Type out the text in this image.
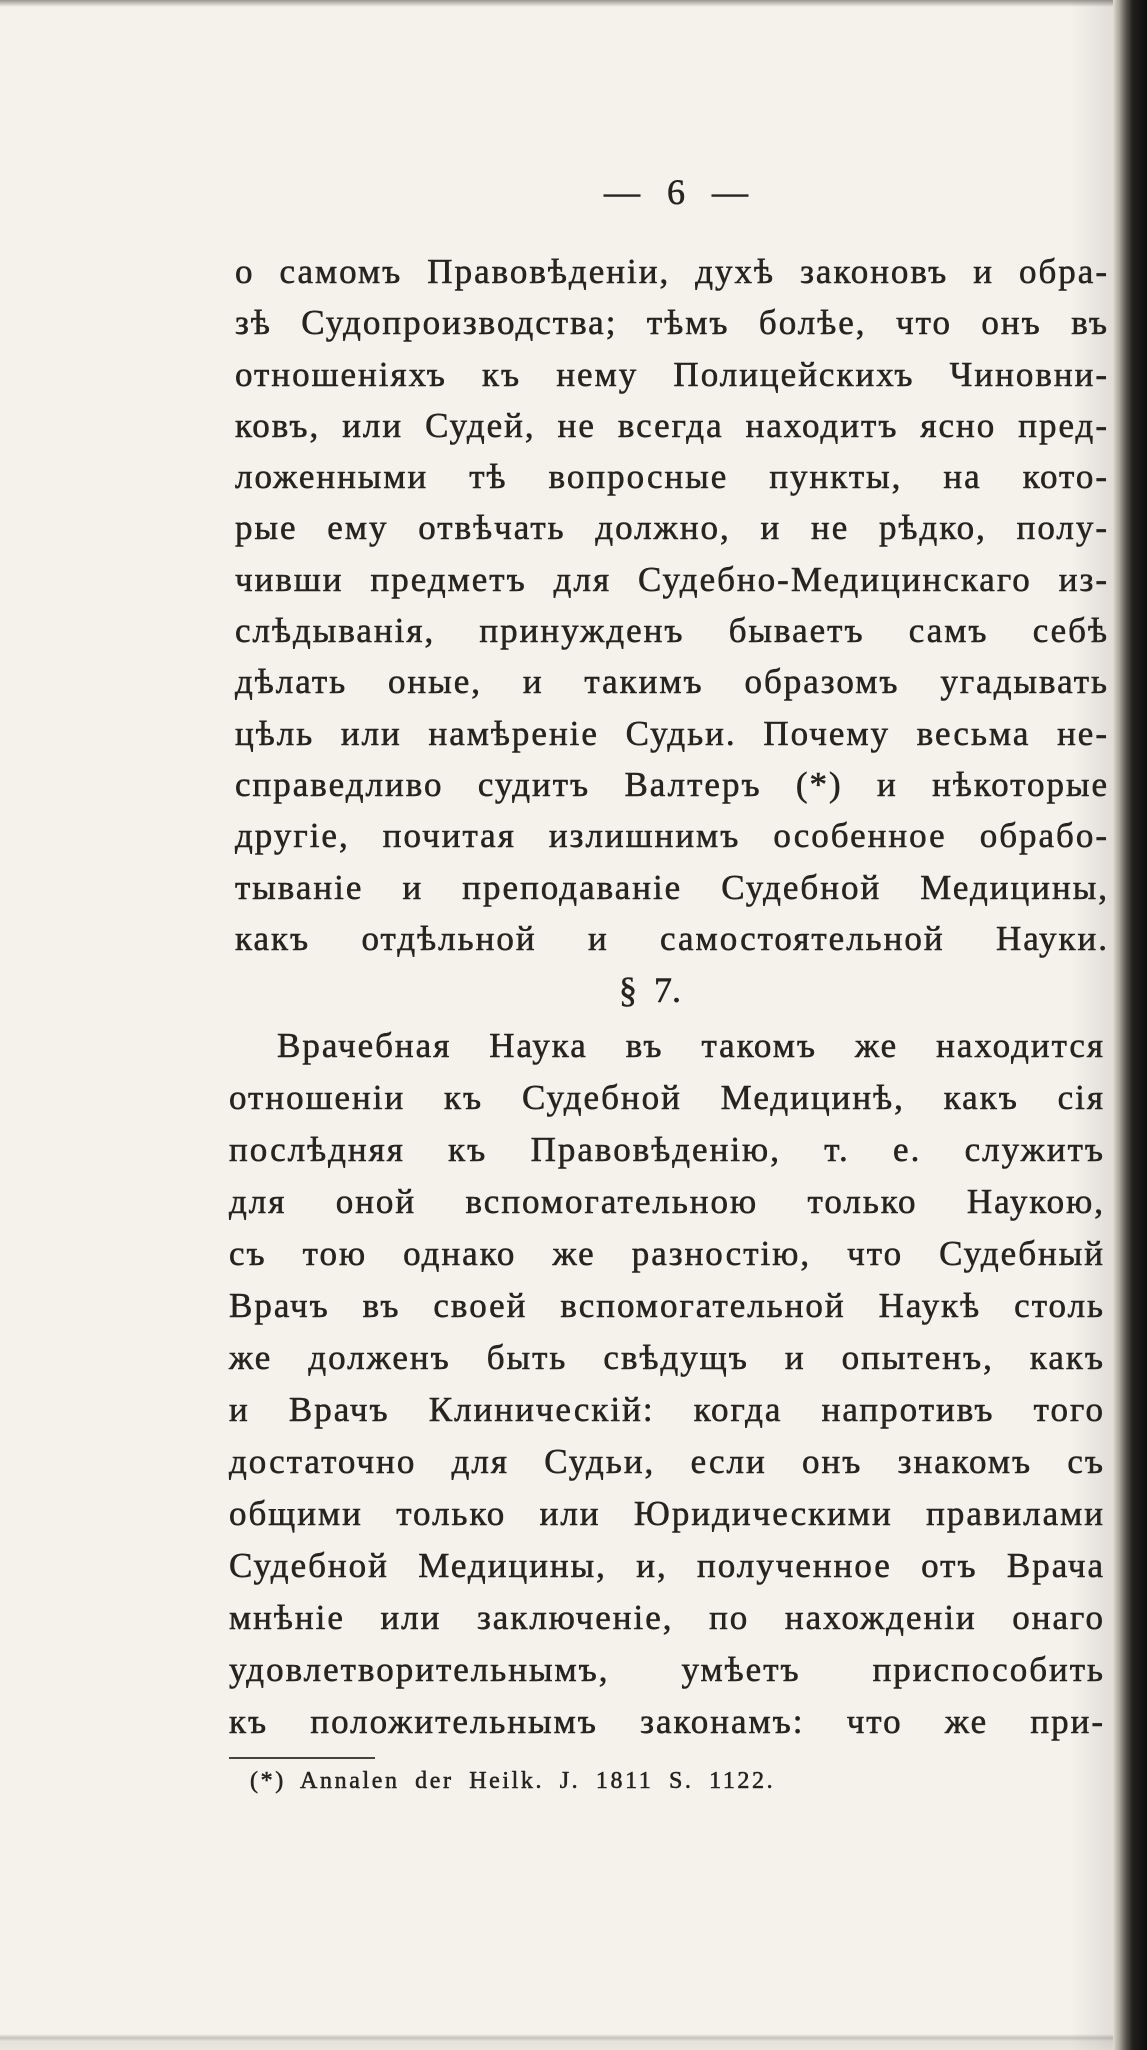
— 6 —
о самомъ Правовѣденіи, духѣ законовъ и обра-
зѣ Судопроизводства; тѣмъ болѣе, что онъ въ
отношеніяхъ къ нему Полицейскихъ Чиновни-
ковъ, или Судей, не всегда находитъ ясно пред-
ложенными тѣ вопросные пункты, на кото-
рые ему отвѣчать должно, и не рѣдко, полу-
чивши предметъ для Судебно-Медицинскаго из-
слѣдыванія, принужденъ бываетъ самъ себѣ
дѣлать оные, и такимъ образомъ угадывать
цѣль или намѣреніе Судьи. Почему весьма не-
справедливо судитъ Валтеръ (*) и нѣкоторые
другіе, почитая излишнимъ особенное обрабо-
тываніе и преподаваніе Судебной Медицины,
какъ отдѣльной и самостоятельной Науки.
§ 7.
Врачебная Наука въ такомъ же находится
отношеніи къ Судебной Медицинѣ, какъ сія
послѣдняя къ Правовѣденію, т. е. служитъ
для оной вспомогательною только Наукою,
съ тою однако же разностію, что Судебный
Врачъ въ своей вспомогательной Наукѣ столь
же долженъ быть свѣдущъ и опытенъ, какъ
и Врачъ Клиническій: когда напротивъ того
достаточно для Судьи, если онъ знакомъ съ
общими только или Юридическими правилами
Судебной Медицины, и, полученное отъ Врача
мнѣніе или заключеніе, по нахожденіи онаго
удовлетворительнымъ, умѣетъ приспособить
къ положительнымъ законамъ: что же при-
(*) Annalen der Heilk. J. 1811 S. 1122.
